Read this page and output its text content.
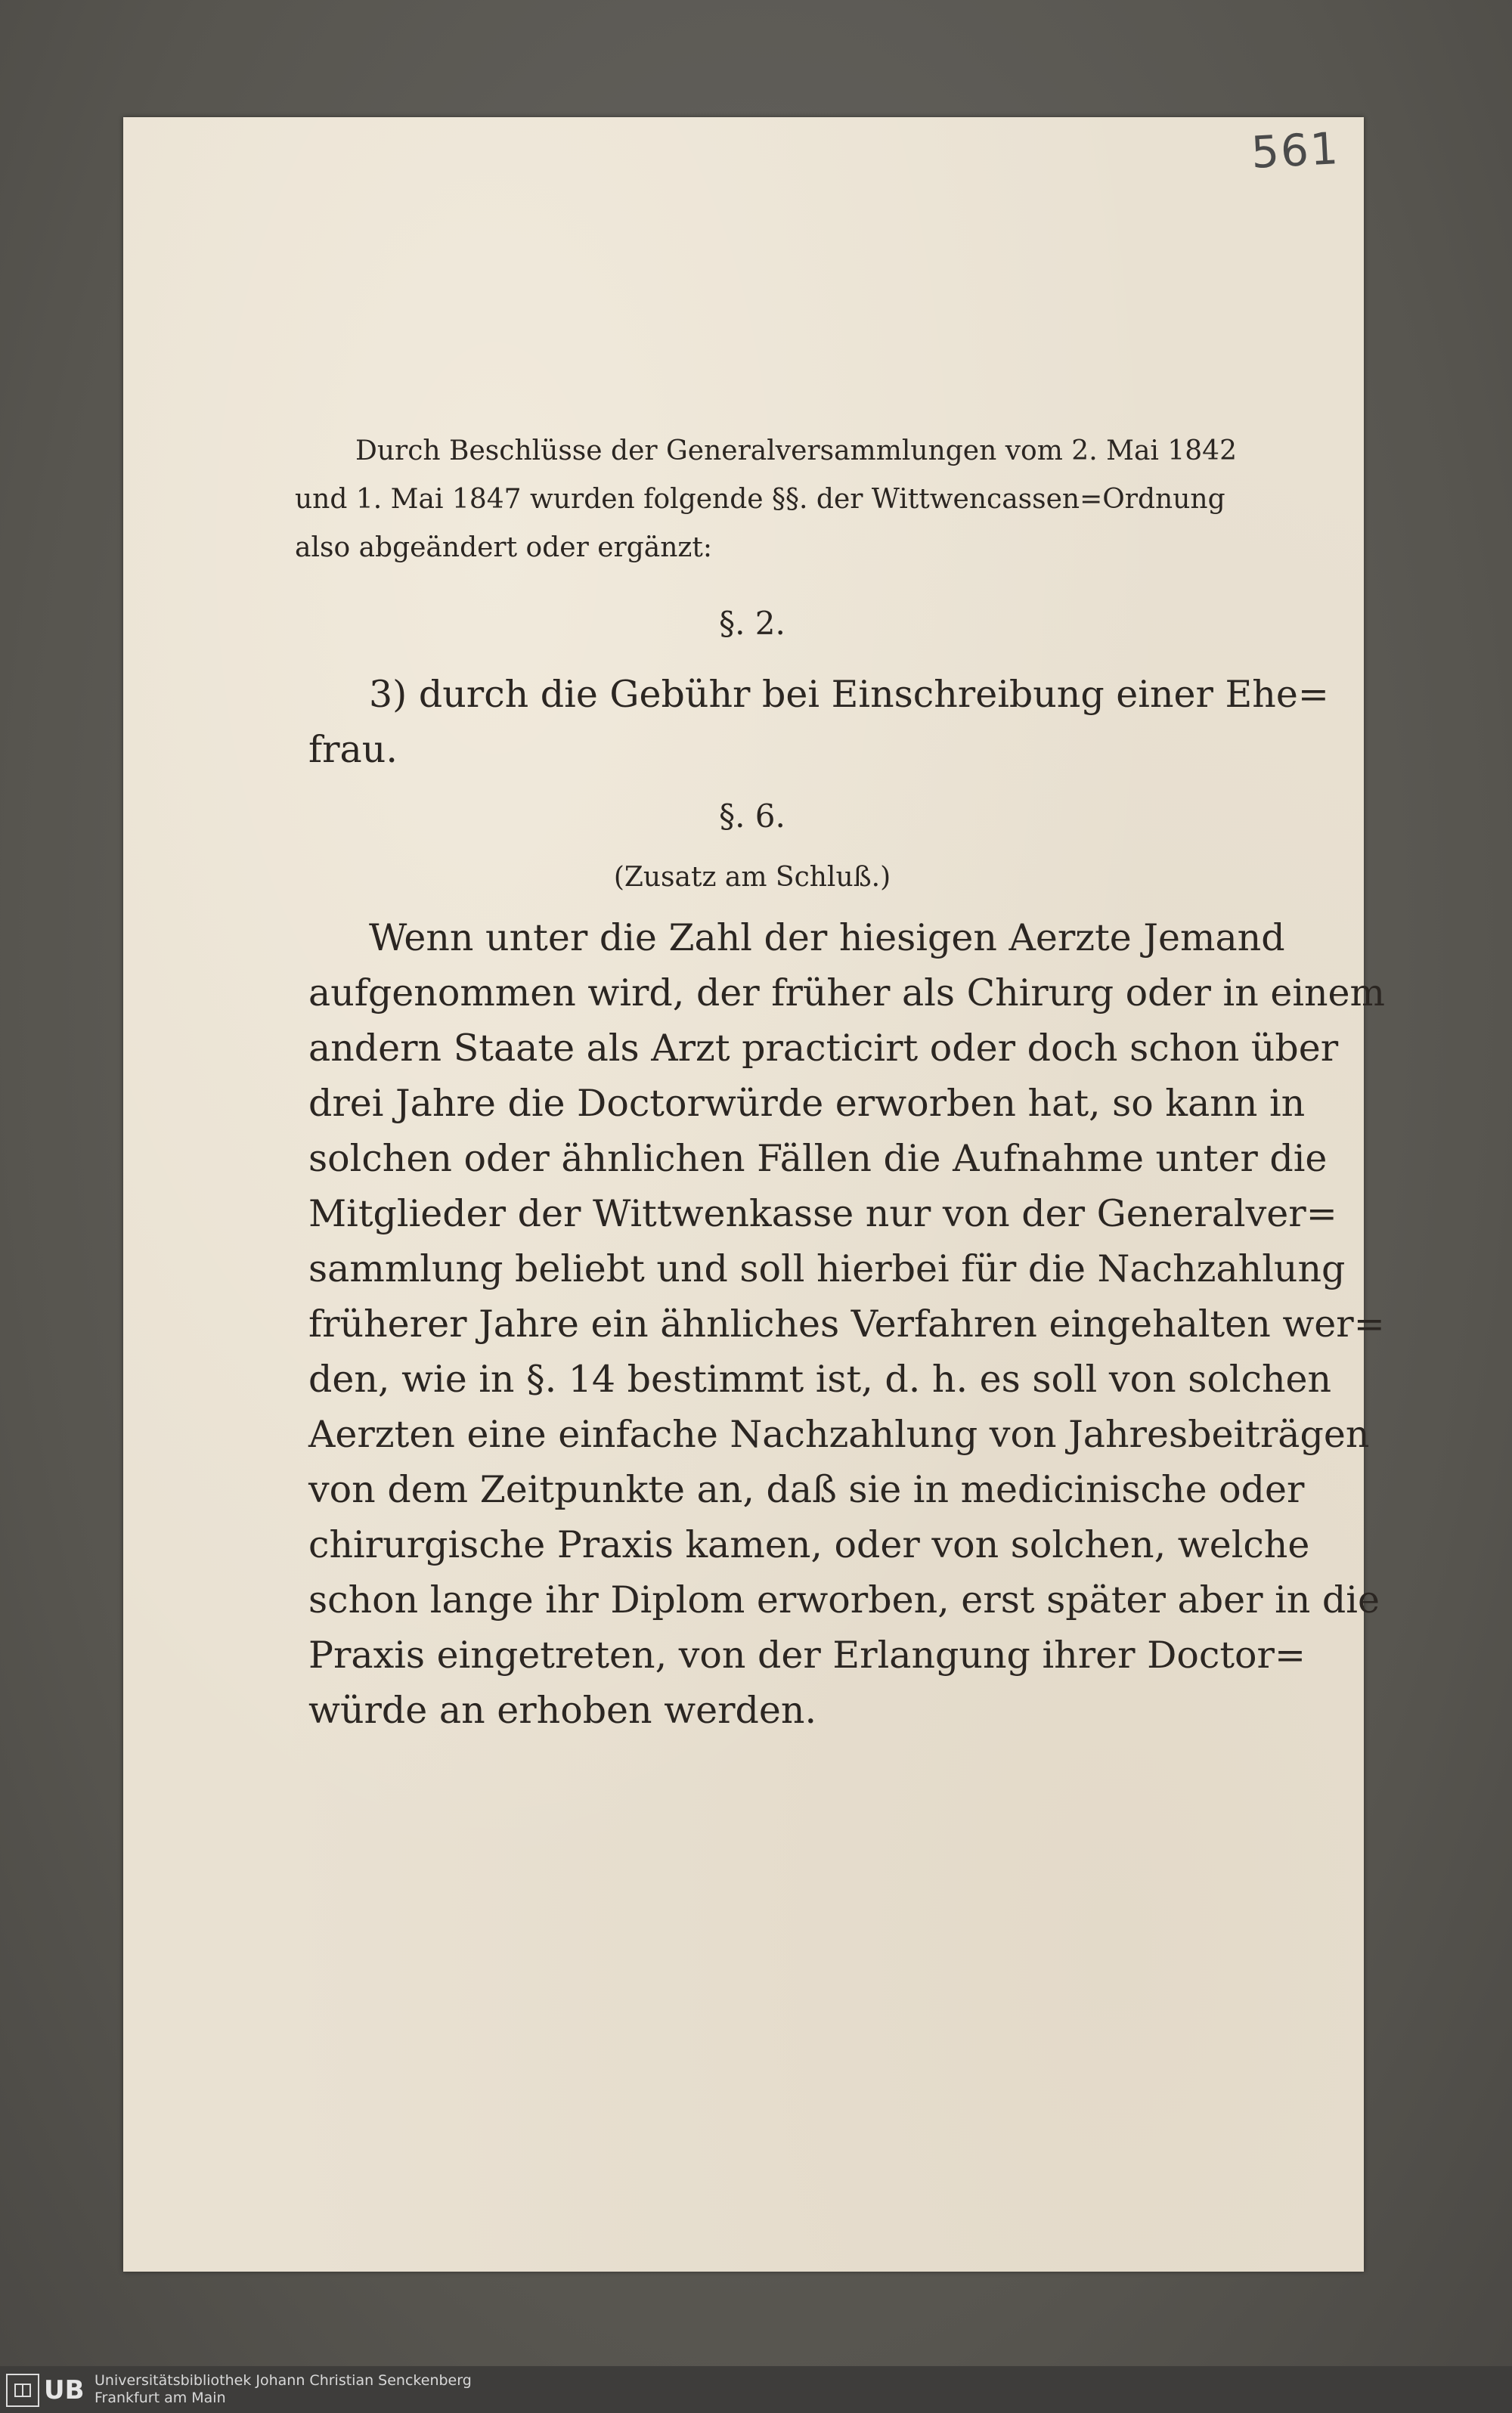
561
Durch Beschlüsse der Generalversammlungen vom 2. Mai 1842
und 1. Mai 1847 wurden folgende §§. der Wittwencassen=Ordnung
also abgeändert oder ergänzt:
§. 2.
3) durch die Gebühr bei Einschreibung einer Ehe=
frau.
§. 6.
(Zusatz am Schluß.)
Wenn unter die Zahl der hiesigen Aerzte Jemand
aufgenommen wird, der früher als Chirurg oder in einem
andern Staate als Arzt practicirt oder doch schon über
drei Jahre die Doctorwürde erworben hat, so kann in
solchen oder ähnlichen Fällen die Aufnahme unter die
Mitglieder der Wittwenkasse nur von der Generalver=
sammlung beliebt und soll hierbei für die Nachzahlung
früherer Jahre ein ähnliches Verfahren eingehalten wer=
den, wie in §. 14 bestimmt ist, d. h. es soll von solchen
Aerzten eine einfache Nachzahlung von Jahresbeiträgen
von dem Zeitpunkte an, daß sie in medicinische oder
chirurgische Praxis kamen, oder von solchen, welche
schon lange ihr Diplom erworben, erst später aber in die
Praxis eingetreten, von der Erlangung ihrer Doctor=
würde an erhoben werden.
UB Universitätsbibliothek Johann Christian Senckenberg
Frankfurt am Main
